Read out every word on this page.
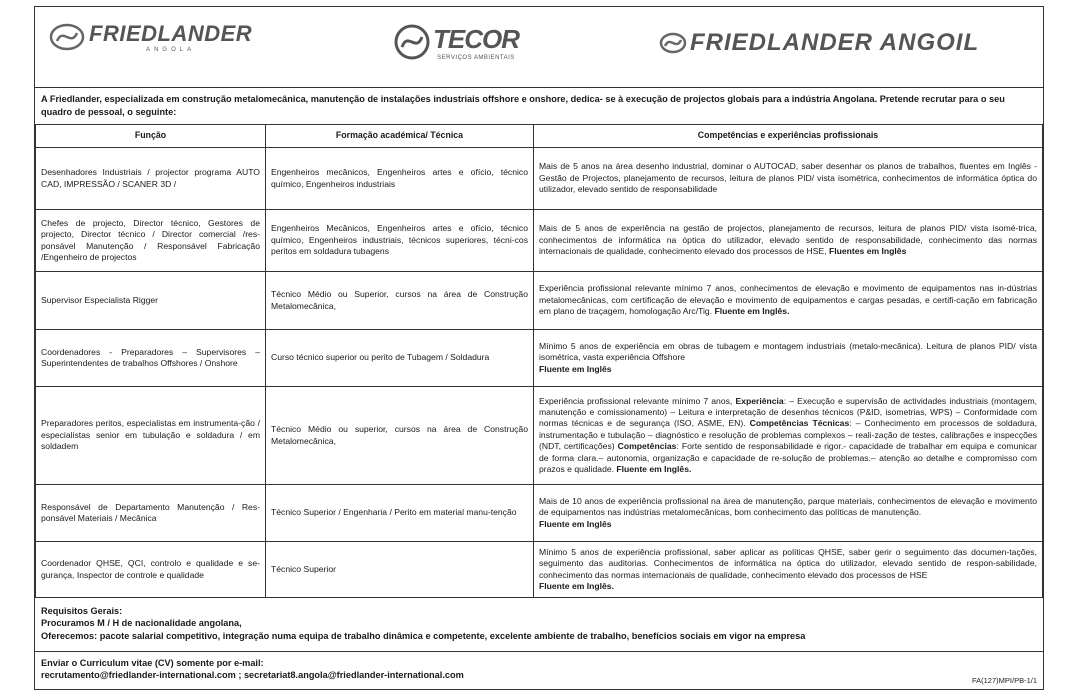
FRIEDLANDER
ANGOLA	TECOR
SERVIÇOS AMBIENTAIS
FRIEDLANDER ANGOIL
A Friedlander, especializada em construção metalomecânica, manutenção de instalações industriais offshore e onshore, dedica- se à execução de projectos globais para a indústria Angolana. Pretende recrutar para o seu quadro de pessoal, o seguinte:
Função	Formação académica/ Técnica	Competências e experiências profissionais
Desenhadores Industriais / projector programa AUTO CAD, IMPRESSÃO / SCANER 3D /	Engenheiros mecânicos, Engenheiros artes e ofício, técnico químico, Engenheiros industriais	Mais de 5 anos na área desenho industrial, dominar o AUTOCAD, saber desenhar os planos de trabalhos, fluentes em Inglês - Gestão de Projectos, planejamento de recursos, leitura de planos PID/ vista isométrica, conhecimentos de informática óptica do utilizador, elevado sentido de responsabilidade
Chefes de projecto, Director técnico, Gestores de projecto, Director técnico / Director comercial /res-ponsável Manutenção / Responsável Fabricação /Engenheiro de projectos	Engenheiros Mecânicos, Engenheiros artes e ofício, técnico químico, Engenheiros industriais, técnicos superiores, técni-cos peritos em soldadura tubagens	Mais de 5 anos de experiência na gestão de projectos, planejamento de recursos, leitura de planos PID/ vista isomé-trica, conhecimentos de informática na óptica do utilizador, elevado sentido de responsabilidade, conhecimento das normas internacionais de qualidade, conhecimento elevado dos processos de HSE, Fluentes em Inglês
Supervisor Especialista Rigger	Técnico Médio ou Superior, cursos na área de Construção Metalomecânica,	Experiência profissional relevante mínimo 7 anos, conhecimentos de elevação e movimento de equipamentos nas in-dústrias metalomecânicas, com certificação de elevação e movimento de equipamentos e cargas pesadas, e certifi-cação em fabricação em plano de traçagem, homologação Arc/Tig. Fluente em Inglês.
Coordenadores - Preparadores – Supervisores – Superintendentes de trabalhos Offshores / Onshore	Curso técnico superior ou perito de Tubagem / Soldadura	Mínimo 5 anos de experiência em obras de tubagem e montagem industriais (metalo-mecânica). Leitura de planos PID/ vista isométrica, vasta experiência Offshore
Fluente em Inglês
Preparadores peritos, especialistas em instrumenta-ção / especialistas senior em tubulação e soldadura / em soldadem	Técnico Médio ou superior, cursos na área de Construção Metalomecânica,	Experiência profissional relevante mínimo 7 anos, Experiência: – Execução e supervisão de actividades industriais (montagem, manutenção e comissionamento) – Leitura e interpretação de desenhos técnicos (P&ID, isometrias, WPS) – Conformidade com normas técnicas e de segurança (ISO, ASME, EN). Competências Técnicas: – Conhecimento em processos de soldadura, instrumentação e tubulação – diagnóstico e resolução de problemas complexos – reali-zação de testes, calibrações e inspecções (NDT, certificações) Competências: Forte sentido de responsabilidade e rigor.- capacidade de trabalhar em equipa e comunicar de forma clara.– autonomia, organização e capacidade de re-solução de problemas.– atenção ao detalhe e compromisso com prazos e qualidade. Fluente em Inglês.
Responsável de Departamento Manutenção / Res-ponsável Materiais / Mecânica	Técnico Superior / Engenharia / Perito em material manu-tenção	Mais de 10 anos de experiência profissional na área de manutenção, parque materiais, conhecimentos de elevação e movimento de equipamentos nas indústrias metalomecânicas, bom conhecimento das políticas de manutenção.
Fluente em Inglês
Coordenador QHSE, QCI, controlo e qualidade e se-gurança, Inspector de controle e qualidade	Técnico Superior	Mínimo 5 anos de experiência profissional, saber aplicar as políticas QHSE, saber gerir o seguimento das documen-tações, seguimento das auditorias. Conhecimentos de informática na óptica do utilizador, elevado sentido de respon-sabilidade, conhecimento das normas internacionais de qualidade, conhecimento elevado dos processos de HSE
Fluente em Inglês.
Requisitos Gerais:
Procuramos M / H de nacionalidade angolana,
Oferecemos: pacote salarial competitivo, integração numa equipa de trabalho dinâmica e competente, excelente ambiente de trabalho, benefícios sociais em vigor na empresa
Enviar o Curriculum vitae (CV) somente por e-mail:
recrutamento@friedlander-international.com ; secretariat8.angola@friedlander-international.com
FA(127)MPI/PB-1/1
